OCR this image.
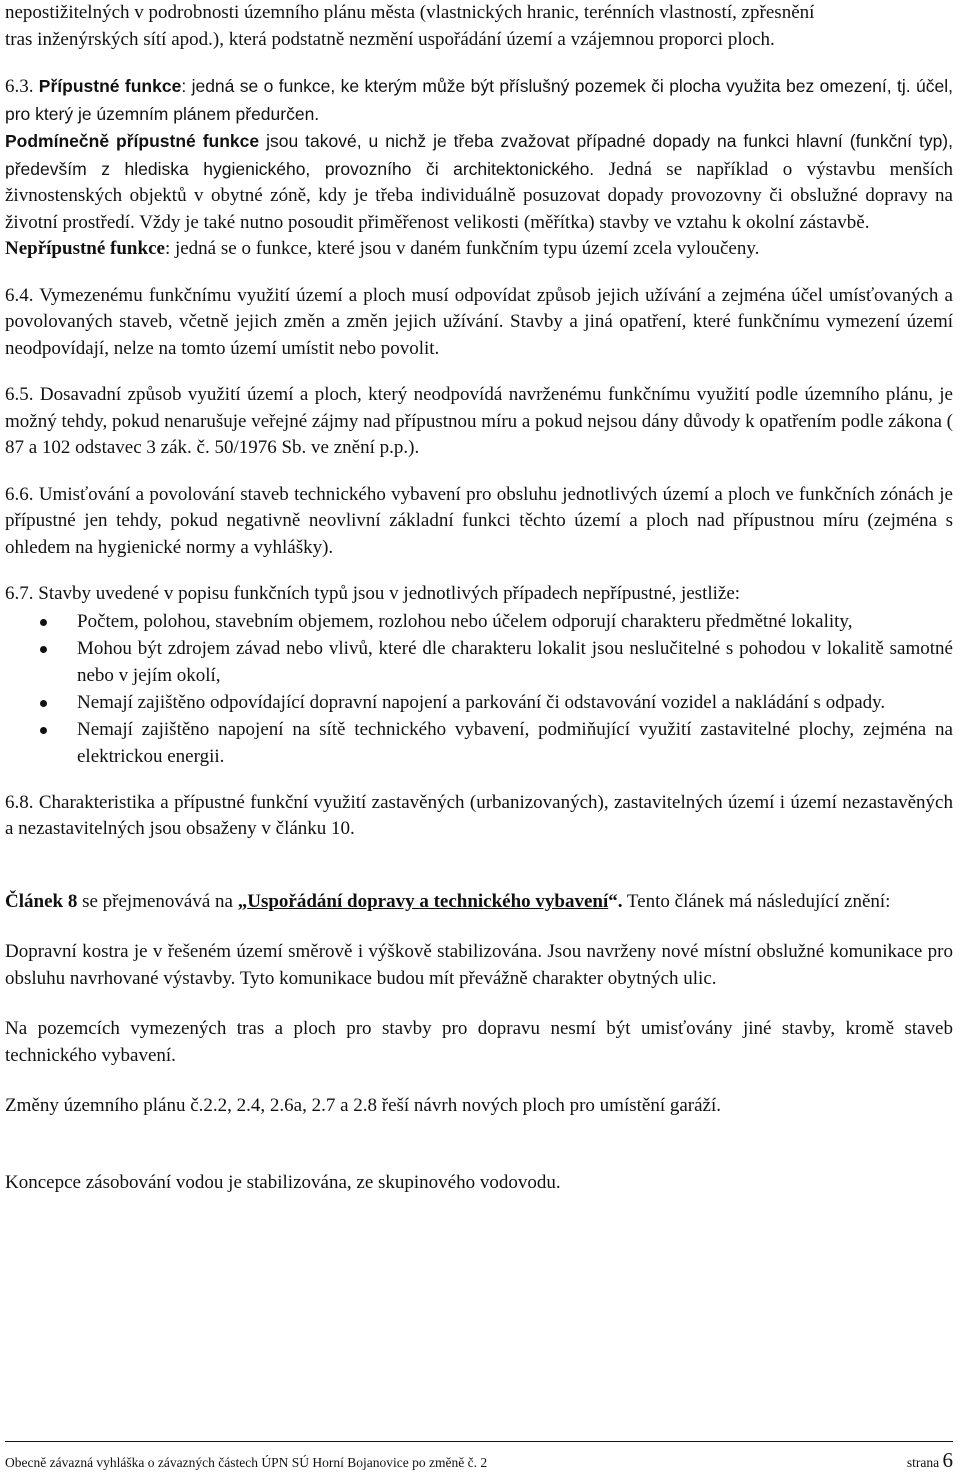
nepostižitelných v podrobnosti územního plánu města (vlastnických hranic, terénních vlastností, zpřesnění
tras inženýrských sítí apod.), která podstatně nezmění uspořádání území a vzájemnou proporci ploch.

6.3. Přípustné funkce: jedná se o funkce, ke kterým může být příslušný pozemek či plocha využita bez omezení, tj. účel, pro který je územním plánem předurčen.

Podmínečně přípustné funkce jsou takové, u nichž je třeba zvažovat případné dopady na funkci hlavní (funkční typ), především z hlediska hygienického, provozního či architektonického. Jedná se například o výstavbu menších živnostenských objektů v obytné zóně, kdy je třeba individuálně posuzovat dopady provozovny či obslužné dopravy na životní prostředí. Vždy je také nutno posoudit přiměřenost velikosti (měřítka) stavby ve vztahu k okolní zástavbě.

Nepřípustné funkce: jedná se o funkce, které jsou v daném funkčním typu území zcela vyloučeny.

6.4. Vymezenému funkčnímu využití území a ploch musí odpovídat způsob jejich užívání a zejména účel umísťovaných a povolovaných staveb, včetně jejich změn a změn jejich užívání. Stavby a jiná opatření, které funkčnímu vymezení území neodpovídají, nelze na tomto území umístit nebo povolit.

6.5. Dosavadní způsob využití území a ploch, který neodpovídá navrženému funkčnímu využití podle územního plánu, je možný tehdy, pokud nenarušuje veřejné zájmy nad přípustnou míru a pokud nejsou dány důvody k opatřením podle zákona ( 87 a 102 odstavec 3 zák. č. 50/1976 Sb. ve znění p.p.).

6.6. Umisťování a povolování staveb technického vybavení pro obsluhu jednotlivých území a ploch ve funkčních zónách je přípustné jen tehdy, pokud negativně neovlivní základní funkci těchto území a ploch nad přípustnou míru (zejména s ohledem na hygienické normy a vyhlášky).

6.7. Stavby uvedené v popisu funkčních typů jsou v jednotlivých případech nepřípustné, jestliže:

Počtem, polohou, stavebním objemem, rozlohou nebo účelem odporují charakteru předmětné lokality,
Mohou být zdrojem závad nebo vlivů, které dle charakteru lokalit jsou neslučitelné s pohodou v lokalitě samotné nebo v jejím okolí,
Nemají zajištěno odpovídající dopravní napojení a parkování či odstavování vozidel a nakládání s odpady.
Nemají zajištěno napojení na sítě technického vybavení, podmiňující využití zastavitelné plochy, zejména na elektrickou energii.

6.8. Charakteristika a přípustné funkční využití zastavěných (urbanizovaných), zastavitelných území i území nezastavěných a nezastavitelných jsou obsaženy v článku 10.

Článek 8 se přejmenovává na „Uspořádání dopravy a technického vybavení“. Tento článek má následující znění:

Dopravní kostra je v řešeném území směrově i výškově stabilizována. Jsou navrženy nové místní obslužné komunikace pro obsluhu navrhované výstavby. Tyto komunikace budou mít převážně charakter obytných ulic.

Na pozemcích vymezených tras a ploch pro stavby pro dopravu nesmí být umisťovány jiné stavby, kromě staveb technického vybavení.

Změny územního plánu č.2.2, 2.4, 2.6a, 2.7 a 2.8 řeší návrh nových ploch pro umístění garáží.

Koncepce zásobování vodou je stabilizována, ze skupinového vodovodu.

Obecně závazná vyhláška o závazných částech ÚPN SÚ Horní Bojanovice po změně č. 2	strana 6
